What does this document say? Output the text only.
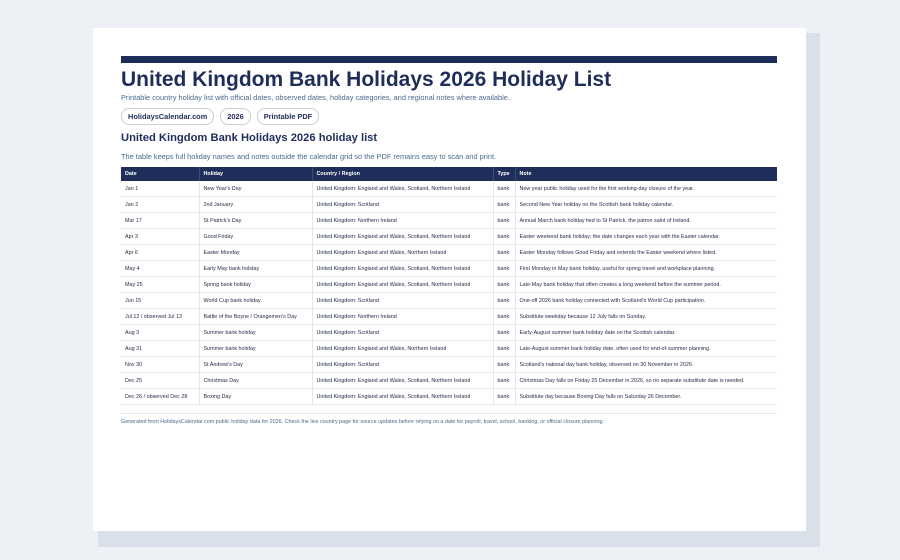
United Kingdom Bank Holidays 2026 Holiday List

Printable country holiday list with official dates, observed dates, holiday categories, and regional notes where available.

HolidaysCalendar.com	2026	Printable PDF
United Kingdom Bank Holidays 2026 holiday list

The table keeps full holiday names and notes outside the calendar grid so the PDF remains easy to scan and print.

Date	Holiday	Country / Region	Type	Note
Jan 1	New Year's Day	United Kingdom: England and Wales, Scotland, Northern Ireland	bank	New year public holiday used for the first working-day closure of the year.
Jan 2	2nd January	United Kingdom: Scotland	bank	Second New Year holiday on the Scottish bank holiday calendar.
Mar 17	St Patrick's Day	United Kingdom: Northern Ireland	bank	Annual March bank holiday tied to St Patrick, the patron saint of Ireland.
Apr 3	Good Friday	United Kingdom: England and Wales, Scotland, Northern Ireland	bank	Easter weekend bank holiday; the date changes each year with the Easter calendar.
Apr 6	Easter Monday	United Kingdom: England and Wales, Northern Ireland	bank	Easter Monday follows Good Friday and extends the Easter weekend where listed.
May 4	Early May bank holiday	United Kingdom: England and Wales, Scotland, Northern Ireland	bank	First Monday in May bank holiday, useful for spring travel and workplace planning.
May 25	Spring bank holiday	United Kingdom: England and Wales, Scotland, Northern Ireland	bank	Late-May bank holiday that often creates a long weekend before the summer period.
Jun 15	World Cup bank holiday	United Kingdom: Scotland	bank	One-off 2026 bank holiday connected with Scotland's World Cup participation.
Jul 12 / observed Jul 13	Battle of the Boyne / Orangemen's Day	United Kingdom: Northern Ireland	bank	Substitute weekday because 12 July falls on Sunday.
Aug 3	Summer bank holiday	United Kingdom: Scotland	bank	Early-August summer bank holiday date on the Scottish calendar.
Aug 31	Summer bank holiday	United Kingdom: England and Wales, Northern Ireland	bank	Late-August summer bank holiday date, often used for end-of-summer planning.
Nov 30	St Andrew's Day	United Kingdom: Scotland	bank	Scotland's national day bank holiday, observed on 30 November in 2026.
Dec 25	Christmas Day	United Kingdom: England and Wales, Scotland, Northern Ireland	bank	Christmas Day falls on Friday 25 December in 2026, so no separate substitute date is needed.
Dec 26 / observed Dec 28	Boxing Day	United Kingdom: England and Wales, Scotland, Northern Ireland	bank	Substitute day because Boxing Day falls on Saturday 26 December.

Generated from HolidaysCalendar.com public holiday data for 2026. Check the live country page for source updates before relying on a date for payroll, travel, school, banking, or official closure planning.
